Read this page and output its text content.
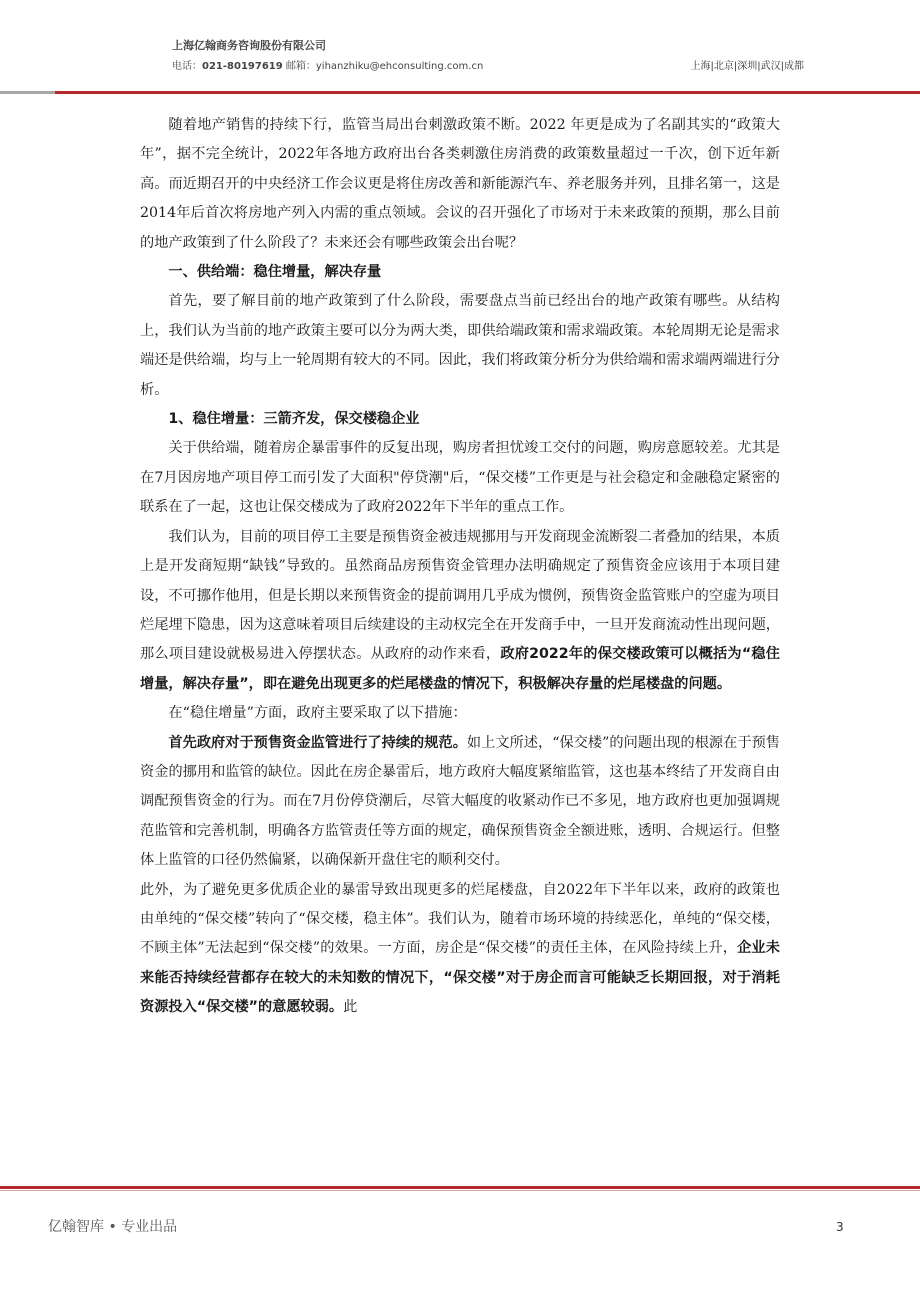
上海亿翰商务咨询股份有限公司
电话：021-80197619 邮箱：yihanzhiku@ehconsulting.com.cn	上海|北京|深圳|武汉|成都

随着地产销售的持续下行，监管当局出台刺激政策不断。2022 年更是成为了名副其实的“政策大年”，据不完全统计，2022年各地方政府出台各类刺激住房消费的政策数量超过一千次，创下近年新高。而近期召开的中央经济工作会议更是将住房改善和新能源汽车、养老服务并列，且排名第一，这是2014年后首次将房地产列入内需的重点领域。会议的召开强化了市场对于未来政策的预期，那么目前的地产政策到了什么阶段了？未来还会有哪些政策会出台呢？

一、供给端：稳住增量，解决存量

首先，要了解目前的地产政策到了什么阶段，需要盘点当前已经出台的地产政策有哪些。从结构上，我们认为当前的地产政策主要可以分为两大类，即供给端政策和需求端政策。本轮周期无论是需求端还是供给端，均与上一轮周期有较大的不同。因此，我们将政策分析分为供给端和需求端两端进行分析。

1、稳住增量：三箭齐发，保交楼稳企业

关于供给端，随着房企暴雷事件的反复出现，购房者担忧竣工交付的问题，购房意愿较差。尤其是在7月因房地产项目停工而引发了大面积"停贷潮"后，“保交楼”工作更是与社会稳定和金融稳定紧密的联系在了一起，这也让保交楼成为了政府2022年下半年的重点工作。

我们认为，目前的项目停工主要是预售资金被违规挪用与开发商现金流断裂二者叠加的结果，本质上是开发商短期“缺钱”导致的。虽然商品房预售资金管理办法明确规定了预售资金应该用于本项目建设，不可挪作他用，但是长期以来预售资金的提前调用几乎成为惯例，预售资金监管账户的空虚为项目烂尾埋下隐患，因为这意味着项目后续建设的主动权完全在开发商手中，一旦开发商流动性出现问题，那么项目建设就极易进入停摆状态。从政府的动作来看，政府2022年的保交楼政策可以概括为“稳住增量，解决存量”，即在避免出现更多的烂尾楼盘的情况下，积极解决存量的烂尾楼盘的问题。

在“稳住增量”方面，政府主要采取了以下措施：

首先政府对于预售资金监管进行了持续的规范。如上文所述，“保交楼”的问题出现的根源在于预售资金的挪用和监管的缺位。因此在房企暴雷后，地方政府大幅度紧缩监管，这也基本终结了开发商自由调配预售资金的行为。而在7月份停贷潮后，尽管大幅度的收紧动作已不多见，地方政府也更加强调规范监管和完善机制，明确各方监管责任等方面的规定，确保预售资金全额进账，透明、合规运行。但整体上监管的口径仍然偏紧，以确保新开盘住宅的顺利交付。

此外，为了避免更多优质企业的暴雷导致出现更多的烂尾楼盘，自2022年下半年以来，政府的政策也由单纯的“保交楼”转向了“保交楼，稳主体”。我们认为，随着市场环境的持续恶化，单纯的“保交楼，不顾主体”无法起到“保交楼”的效果。一方面，房企是“保交楼”的责任主体，在风险持续上升，企业未来能否持续经营都存在较大的未知数的情况下，“保交楼”对于房企而言可能缺乏长期回报，对于消耗资源投入“保交楼”的意愿较弱。此

亿翰智库 • 专业出品	3
